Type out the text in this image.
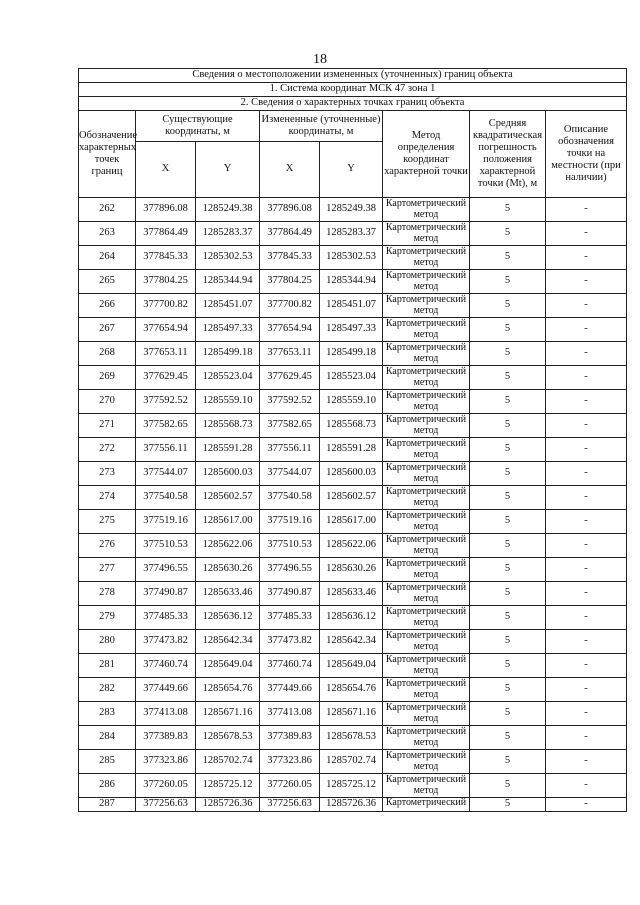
18
Сведения о местоположении измененных (уточненных) границ объекта							
1. Система координат МСК 47 зона 1							
2. Сведения о характерных точках границ объекта							
Обозначение характерных точек границ	Существующие координаты, м		Измененные (уточненные) координаты, м		Метод определения координат характерной точки	Средняя квадратическая погрешность положения характерной точки (Mt), м	Описание обозначения точки на местности (при наличии)
	X	Y	X	Y			
262	377896.08	1285249.38	377896.08	1285249.38	Картометрический метод	5	-
263	377864.49	1285283.37	377864.49	1285283.37	Картометрический метод	5	-
264	377845.33	1285302.53	377845.33	1285302.53	Картометрический метод	5	-
265	377804.25	1285344.94	377804.25	1285344.94	Картометрический метод	5	-
266	377700.82	1285451.07	377700.82	1285451.07	Картометрический метод	5	-
267	377654.94	1285497.33	377654.94	1285497.33	Картометрический метод	5	-
268	377653.11	1285499.18	377653.11	1285499.18	Картометрический метод	5	-
269	377629.45	1285523.04	377629.45	1285523.04	Картометрический метод	5	-
270	377592.52	1285559.10	377592.52	1285559.10	Картометрический метод	5	-
271	377582.65	1285568.73	377582.65	1285568.73	Картометрический метод	5	-
272	377556.11	1285591.28	377556.11	1285591.28	Картометрический метод	5	-
273	377544.07	1285600.03	377544.07	1285600.03	Картометрический метод	5	-
274	377540.58	1285602.57	377540.58	1285602.57	Картометрический метод	5	-
275	377519.16	1285617.00	377519.16	1285617.00	Картометрический метод	5	-
276	377510.53	1285622.06	377510.53	1285622.06	Картометрический метод	5	-
277	377496.55	1285630.26	377496.55	1285630.26	Картометрический метод	5	-
278	377490.87	1285633.46	377490.87	1285633.46	Картометрический метод	5	-
279	377485.33	1285636.12	377485.33	1285636.12	Картометрический метод	5	-
280	377473.82	1285642.34	377473.82	1285642.34	Картометрический метод	5	-
281	377460.74	1285649.04	377460.74	1285649.04	Картометрический метод	5	-
282	377449.66	1285654.76	377449.66	1285654.76	Картометрический метод	5	-
283	377413.08	1285671.16	377413.08	1285671.16	Картометрический метод	5	-
284	377389.83	1285678.53	377389.83	1285678.53	Картометрический метод	5	-
285	377323.86	1285702.74	377323.86	1285702.74	Картометрический метод	5	-
286	377260.05	1285725.12	377260.05	1285725.12	Картометрический метод	5	-
287	377256.63	1285726.36	377256.63	1285726.36	Картометрический	5	-
